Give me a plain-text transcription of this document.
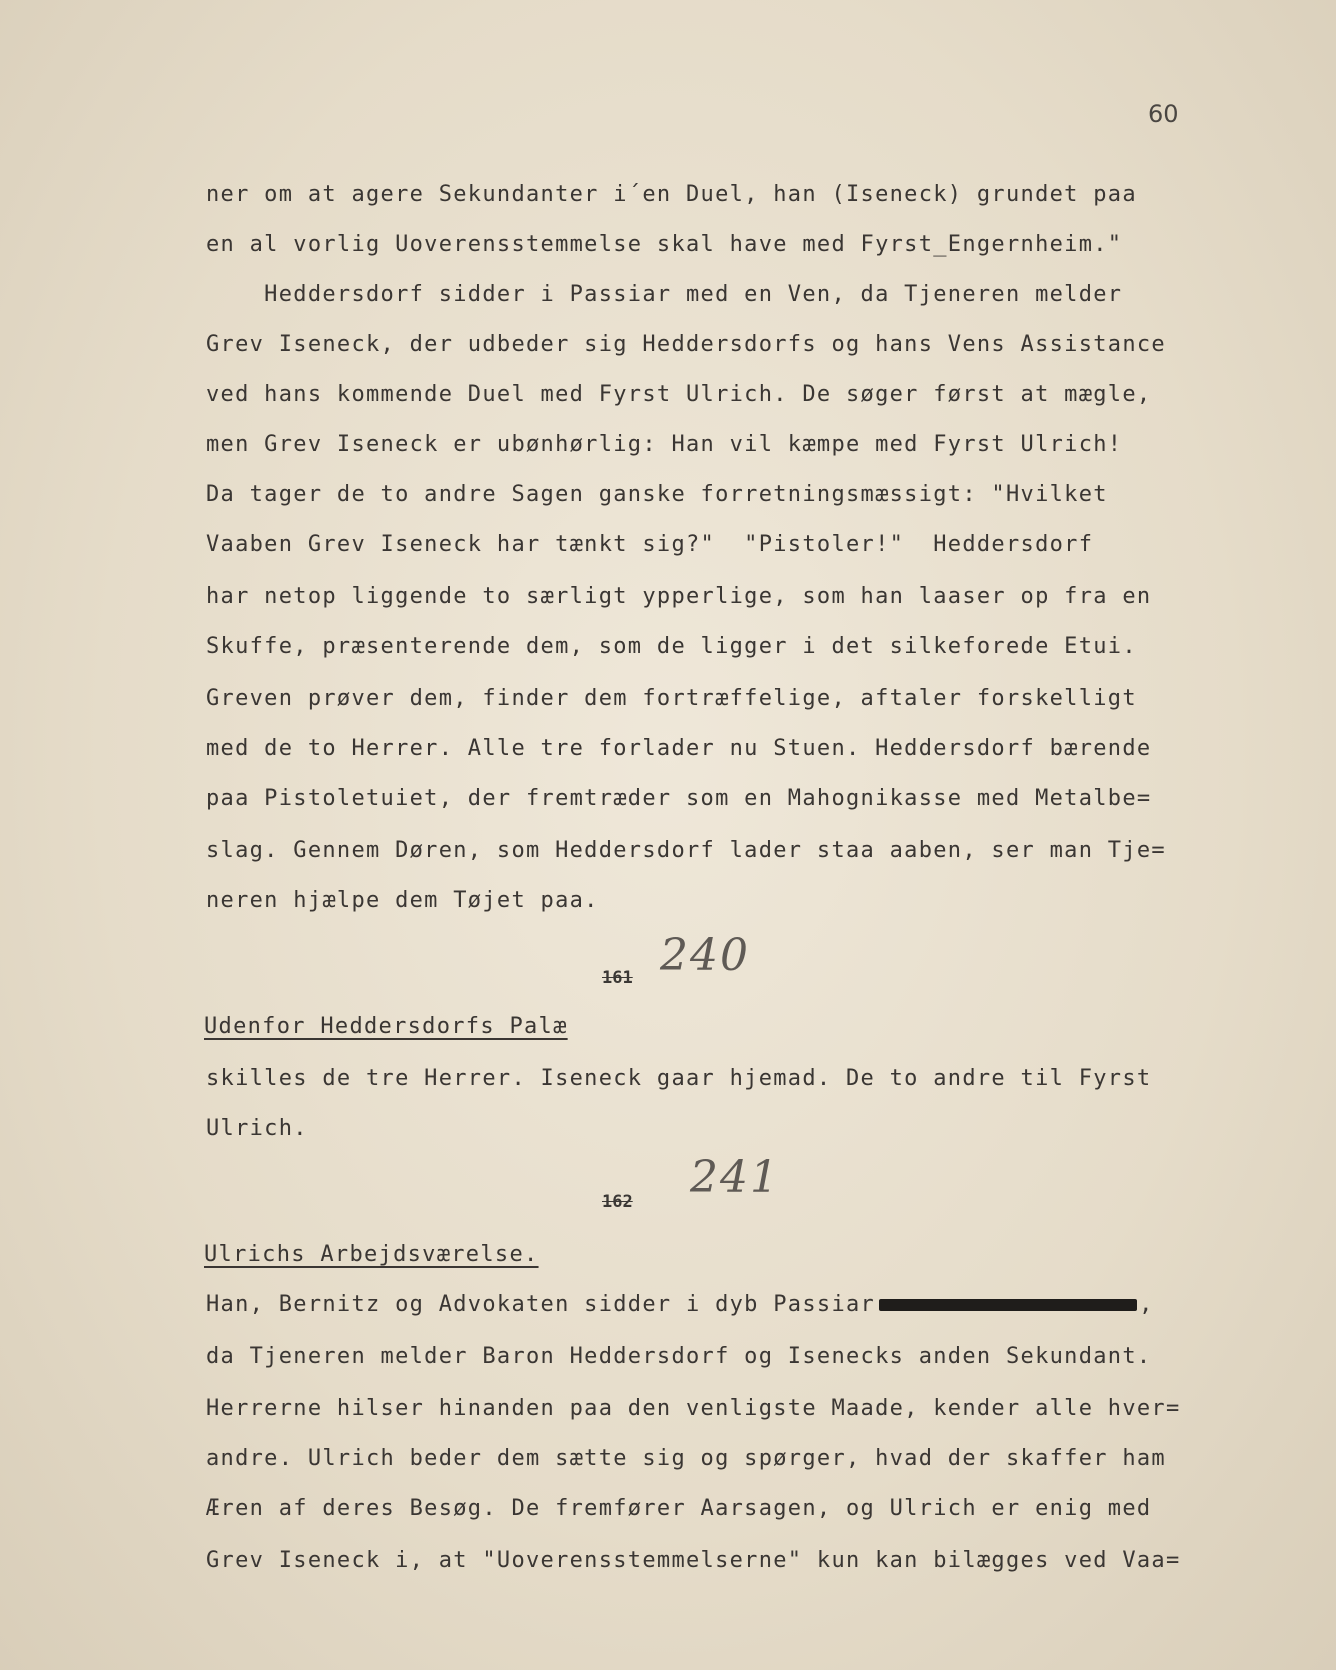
60
ner om at agere Sekundanter i´en Duel, han (Iseneck) grundet paa
en al vorlig Uoverensstemmelse skal have med Fyrst_Engernheim."
Heddersdorf sidder i Passiar med en Ven, da Tjeneren melder
Grev Iseneck, der udbeder sig Heddersdorfs og hans Vens Assistance
ved hans kommende Duel med Fyrst Ulrich. De søger først at mægle,
men Grev Iseneck er ubønhørlig: Han vil kæmpe med Fyrst Ulrich!
Da tager de to andre Sagen ganske forretningsmæssigt: "Hvilket
Vaaben Grev Iseneck har tænkt sig?"  "Pistoler!"  Heddersdorf
har netop liggende to særligt ypperlige, som han laaser op fra en
Skuffe, præsenterende dem, som de ligger i det silkeforede Etui.
Greven prøver dem, finder dem fortræffelige, aftaler forskelligt
med de to Herrer. Alle tre forlader nu Stuen. Heddersdorf bærende
paa Pistoletuiet, der fremtræder som en Mahognikasse med Metalbe=
slag. Gennem Døren, som Heddersdorf lader staa aaben, ser man Tje=
neren hjælpe dem Tøjet paa.
161 240
Udenfor Heddersdorfs Palæ
skilles de tre Herrer. Iseneck gaar hjemad. De to andre til Fyrst
Ulrich.
162 241
Ulrichs Arbejdsværelse.
Han, Bernitz og Advokaten sidder i dyb Passiar	,
da Tjeneren melder Baron Heddersdorf og Isenecks anden Sekundant.
Herrerne hilser hinanden paa den venligste Maade, kender alle hver=
andre. Ulrich beder dem sætte sig og spørger, hvad der skaffer ham
Æren af deres Besøg. De fremfører Aarsagen, og Ulrich er enig med
Grev Iseneck i, at "Uoverensstemmelserne" kun kan bilægges ved Vaa=
